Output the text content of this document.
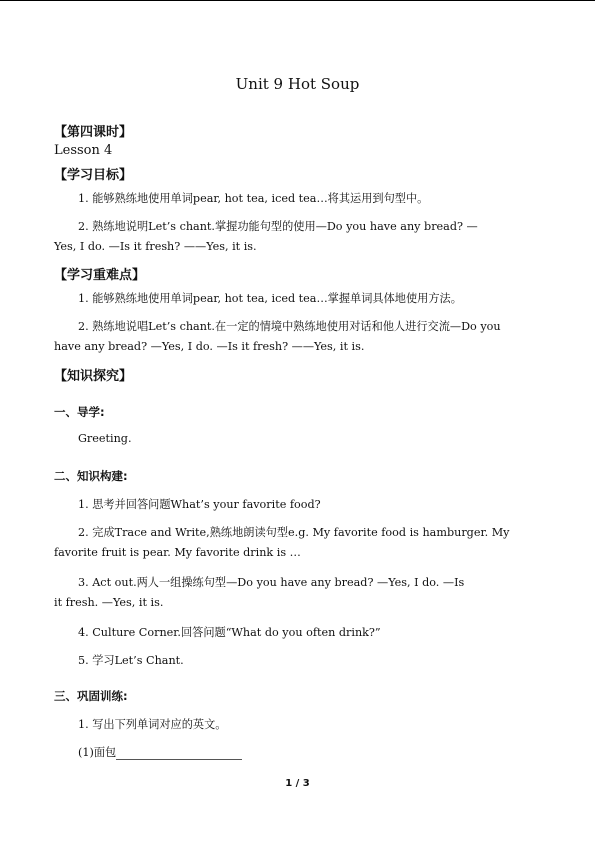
Unit 9 Hot Soup
【第四课时】
Lesson 4
【学习目标】
1. 能够熟练地使用单词pear, hot tea, iced tea…将其运用到句型中。
2. 熟练地说明Let’s chant.掌握功能句型的使用—Do you have any bread? —
Yes, I do. —Is it fresh? ——Yes, it is.
【学习重难点】
1. 能够熟练地使用单词pear, hot tea, iced tea…掌握单词具体地使用方法。
2. 熟练地说唱Let’s chant.在一定的情境中熟练地使用对话和他人进行交流—Do you
have any bread? —Yes, I do. —Is it fresh? ——Yes, it is.
【知识探究】
一、导学:
Greeting.
二、知识构建:
1. 思考并回答问题What’s your favorite food?
2. 完成Trace and Write,熟练地朗读句型e.g. My favorite food is hamburger. My
favorite fruit is pear. My favorite drink is …
3. Act out.两人一组操练句型—Do you have any bread? —Yes, I do. —Is
it fresh. —Yes, it is.
4. Culture Corner.回答问题“What do you often drink?”
5. 学习Let’s Chant.
三、巩固训练:
1. 写出下列单词对应的英文。
(1)面包
1 / 3
